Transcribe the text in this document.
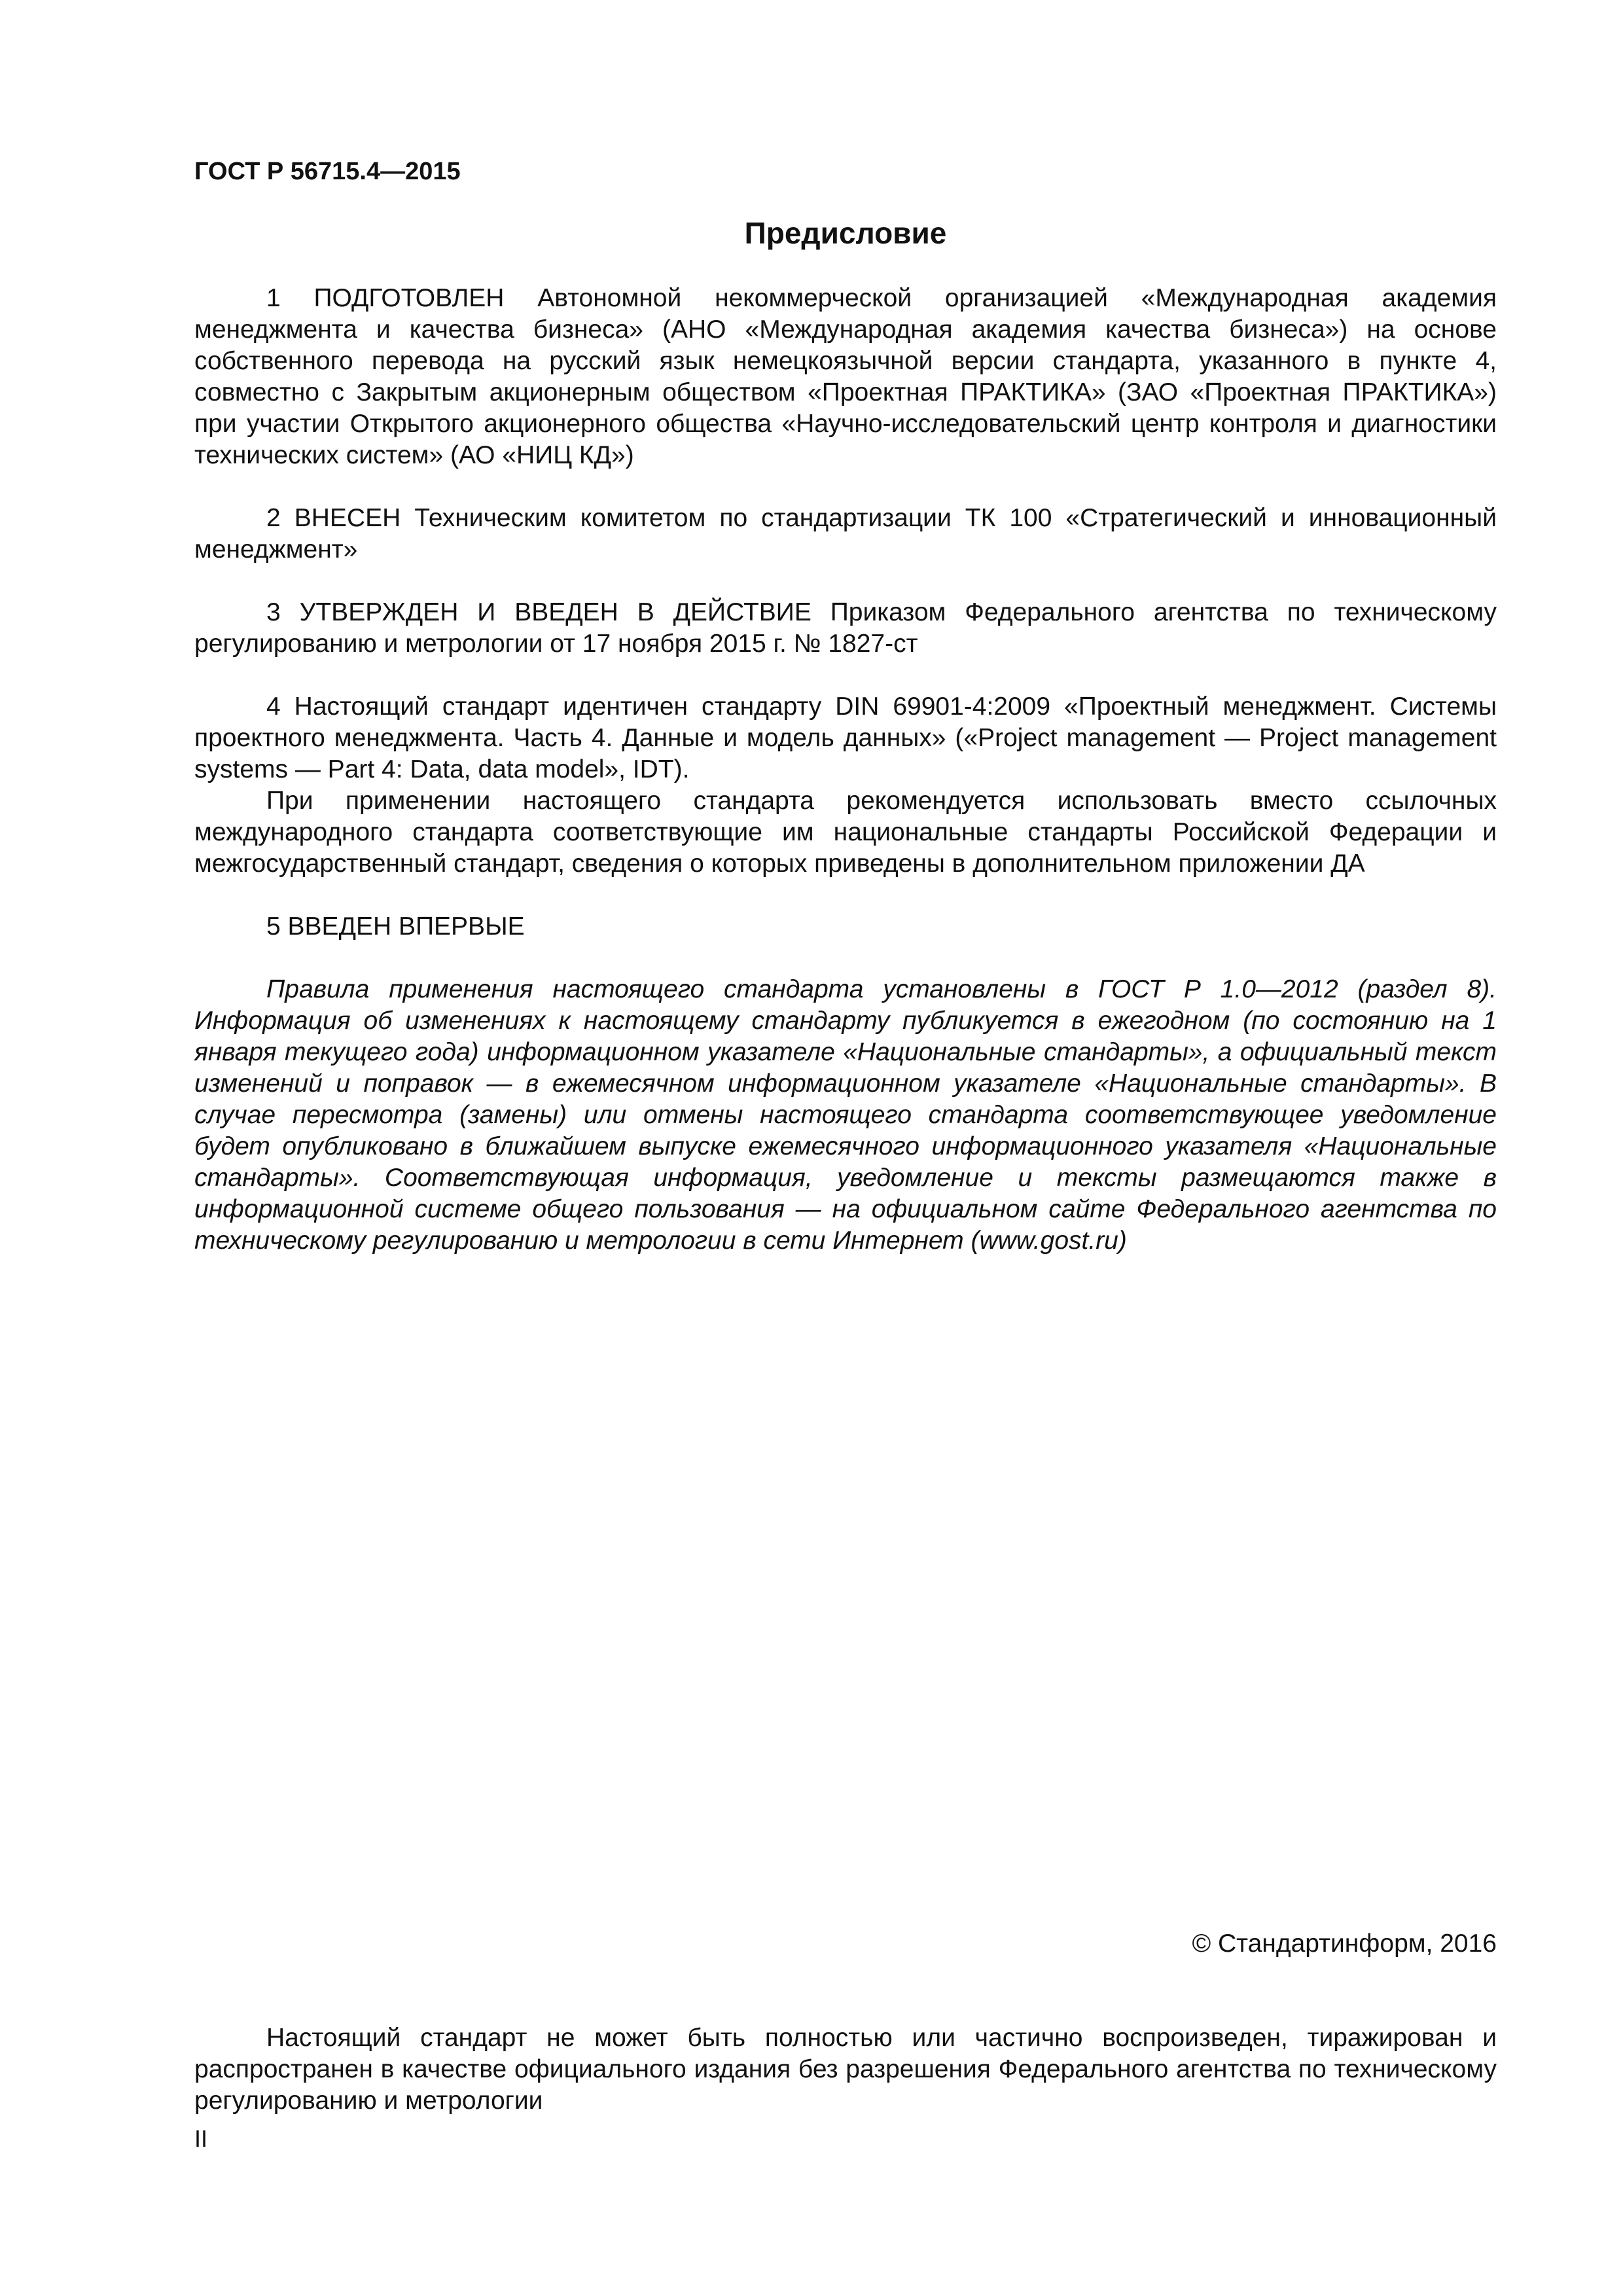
ГОСТ Р 56715.4—2015
Предисловие

1 ПОДГОТОВЛЕН Автономной некоммерческой организацией «Международная академия менеджмента и качества бизнеса» (АНО «Международная академия качества бизнеса») на основе собственного перевода на русский язык немецкоязычной версии стандарта, указанного в пункте 4, совместно с Закрытым акционерным обществом «Проектная ПРАКТИКА» (ЗАО «Проектная ПРАКТИКА») при участии Открытого акционерного общества «Научно-исследовательский центр контроля и диагностики технических систем» (АО «НИЦ КД»)

2 ВНЕСЕН Техническим комитетом по стандартизации ТК 100 «Стратегический и инновационный менеджмент»

3 УТВЕРЖДЕН И ВВЕДЕН В ДЕЙСТВИЕ Приказом Федерального агентства по техническому регулированию и метрологии от 17 ноября 2015 г. № 1827-ст

4 Настоящий стандарт идентичен стандарту DIN 69901-4:2009 «Проектный менеджмент. Системы проектного менеджмента. Часть 4. Данные и модель данных» («Project management — Project management systems — Part 4: Data, data model», IDT).

При применении настоящего стандарта рекомендуется использовать вместо ссылочных международного стандарта соответствующие им национальные стандарты Российской Федерации и межгосударственный стандарт, сведения о которых приведены в дополнительном приложении ДА

5 ВВЕДЕН ВПЕРВЫЕ

Правила применения настоящего стандарта установлены в ГОСТ Р 1.0—2012 (раздел 8). Информация об изменениях к настоящему стандарту публикуется в ежегодном (по состоянию на 1 января текущего года) информационном указателе «Национальные стандарты», а официальный текст изменений и поправок — в ежемесячном информационном указателе «Национальные стандарты». В случае пересмотра (замены) или отмены настоящего стандарта соответствующее уведомление будет опубликовано в ближайшем выпуске ежемесячного информационного указателя «Национальные стандарты». Соответствующая информация, уведомление и тексты размещаются также в информационной системе общего пользования — на официальном сайте Федерального агентства по техническому регулированию и метрологии в сети Интернет (www.gost.ru)

© Стандартинформ, 2016

Настоящий стандарт не может быть полностью или частично воспроизведен, тиражирован и распространен в качестве официального издания без разрешения Федерального агентства по техническому регулированию и метрологии

II
